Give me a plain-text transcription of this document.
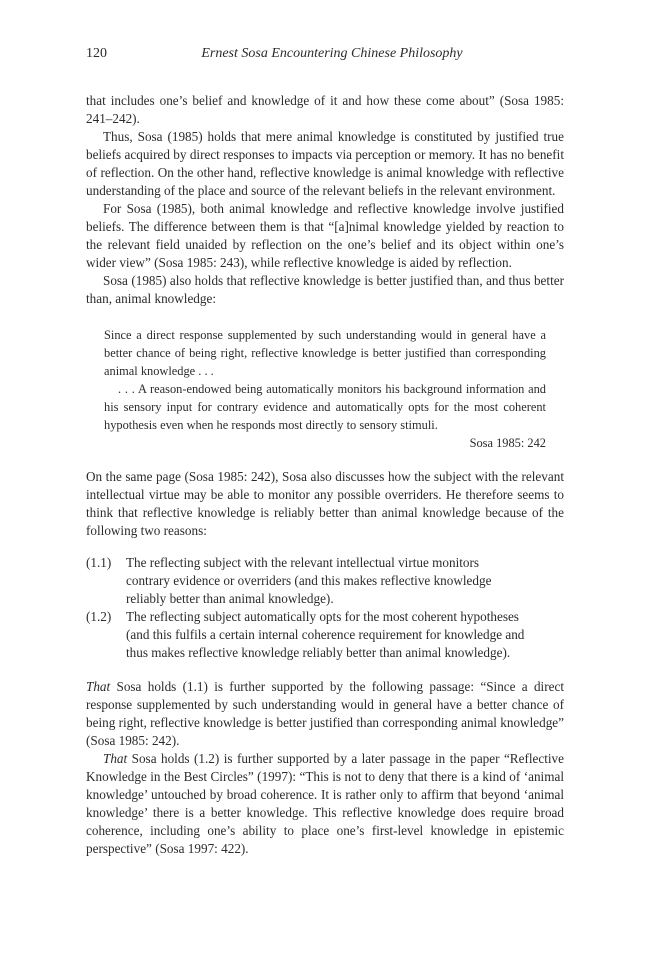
120	Ernest Sosa Encountering Chinese Philosophy

that includes one’s belief and knowledge of it and how these come about” (Sosa 1985: 241–242).

Thus, Sosa (1985) holds that mere animal knowledge is constituted by justified true beliefs acquired by direct responses to impacts via perception or memory. It has no benefit of reflection. On the other hand, reflective knowledge is animal knowledge with reflective understanding of the place and source of the relevant beliefs in the relevant environment.

For Sosa (1985), both animal knowledge and reflective knowledge involve justified beliefs. The difference between them is that “[a]nimal knowledge yielded by reaction to the relevant field unaided by reflection on the one’s belief and its object within one’s wider view” (Sosa 1985: 243), while reflective knowledge is aided by reflection.

Sosa (1985) also holds that reflective knowledge is better justified than, and thus better than, animal knowledge:

Since a direct response supplemented by such understanding would in general have a better chance of being right, reflective knowledge is better justified than corresponding animal knowledge . . .

. . . A reason-endowed being automatically monitors his background information and his sensory input for contrary evidence and automatically opts for the most coherent hypothesis even when he responds most directly to sensory stimuli.

Sosa 1985: 242

On the same page (Sosa 1985: 242), Sosa also discusses how the subject with the relevant intellectual virtue may be able to monitor any possible overriders. He therefore seems to think that reflective knowledge is reliably better than animal knowledge because of the following two reasons:

(1.1)	The reflecting subject with the relevant intellectual virtue monitors contrary evidence or overriders (and this makes reflective knowledge reliably better than animal knowledge).
(1.2)	The reflecting subject automatically opts for the most coherent hypotheses (and this fulfils a certain internal coherence requirement for knowledge and thus makes reflective knowledge reliably better than animal knowledge).

That Sosa holds (1.1) is further supported by the following passage: “Since a direct response supplemented by such understanding would in general have a better chance of being right, reflective knowledge is better justified than corresponding animal knowledge” (Sosa 1985: 242).

That Sosa holds (1.2) is further supported by a later passage in the paper “Reflective Knowledge in the Best Circles” (1997): “This is not to deny that there is a kind of ‘animal knowledge’ untouched by broad coherence. It is rather only to affirm that beyond ‘animal knowledge’ there is a better knowledge. This reflective knowledge does require broad coherence, including one’s ability to place one’s first-level knowledge in epistemic perspective” (Sosa 1997: 422).
